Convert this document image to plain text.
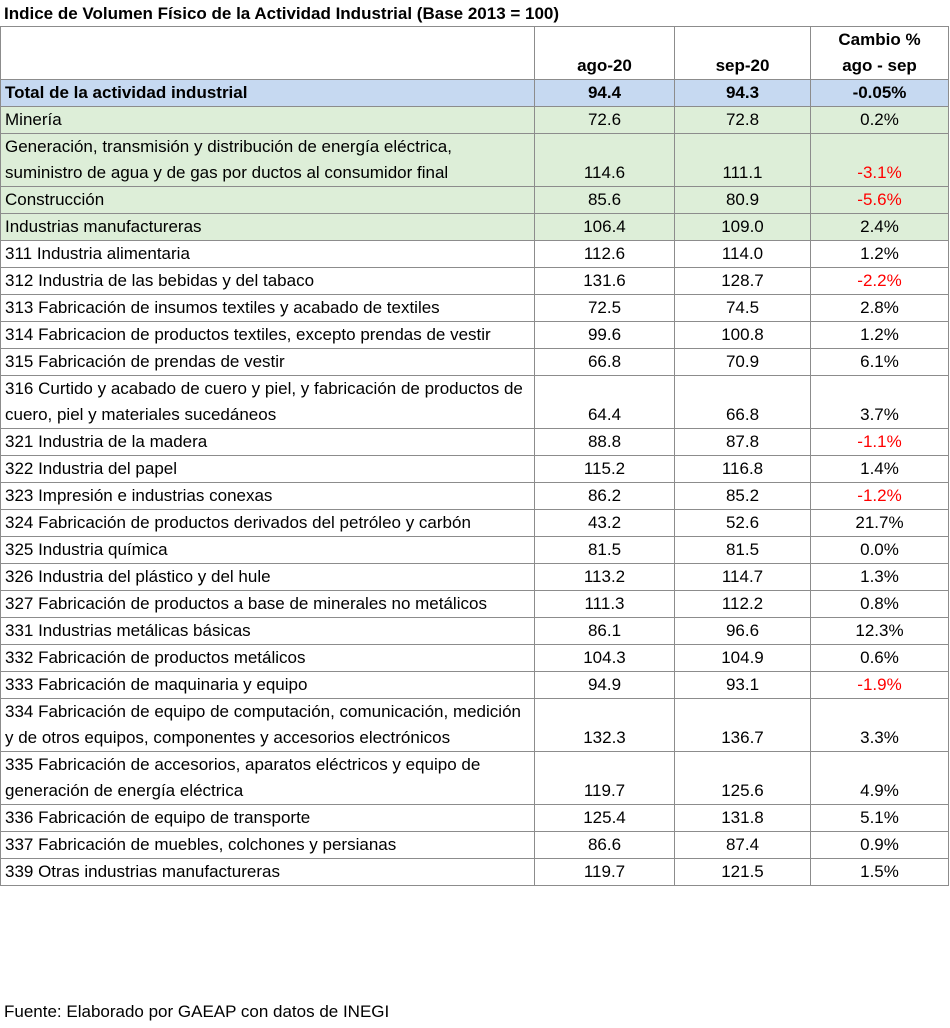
Indice de Volumen Físico de la Actividad Industrial (Base 2013 = 100)
	ago-20	sep-20	Cambio %
ago - sep

Total de la actividad industrial	94.4	94.3	-0.05%
Minería	72.6	72.8	0.2%
Generación, transmisión y distribución de energía eléctrica, suministro de agua y de gas por ductos al consumidor final	114.6	111.1	-3.1%
Construcción	85.6	80.9	-5.6%
Industrias manufactureras	106.4	109.0	2.4%
311 Industria alimentaria	112.6	114.0	1.2%
312 Industria de las bebidas y del tabaco	131.6	128.7	-2.2%
313 Fabricación de insumos textiles y acabado de textiles	72.5	74.5	2.8%
314 Fabricacion de productos textiles, excepto prendas de vestir	99.6	100.8	1.2%
315 Fabricación de prendas de vestir	66.8	70.9	6.1%
316 Curtido y acabado de cuero y piel, y fabricación de productos de cuero, piel y materiales sucedáneos	64.4	66.8	3.7%
321 Industria de la madera	88.8	87.8	-1.1%
322 Industria del papel	115.2	116.8	1.4%
323 Impresión e industrias conexas	86.2	85.2	-1.2%
324 Fabricación de productos derivados del petróleo y carbón	43.2	52.6	21.7%
325 Industria química	81.5	81.5	0.0%
326 Industria del plástico y del hule	113.2	114.7	1.3%
327 Fabricación de productos a base de minerales no metálicos	111.3	112.2	0.8%
331 Industrias metálicas básicas	86.1	96.6	12.3%
332 Fabricación de productos metálicos	104.3	104.9	0.6%
333 Fabricación de maquinaria y equipo	94.9	93.1	-1.9%
334 Fabricación de equipo de computación, comunicación, medición y de otros equipos, componentes y accesorios electrónicos	132.3	136.7	3.3%
335 Fabricación de accesorios, aparatos eléctricos y equipo de generación de energía eléctrica	119.7	125.6	4.9%
336 Fabricación de equipo de transporte	125.4	131.8	5.1%
337 Fabricación de muebles, colchones y persianas	86.6	87.4	0.9%
339 Otras industrias manufactureras	119.7	121.5	1.5%
Fuente: Elaborado por GAEAP con datos de INEGI
